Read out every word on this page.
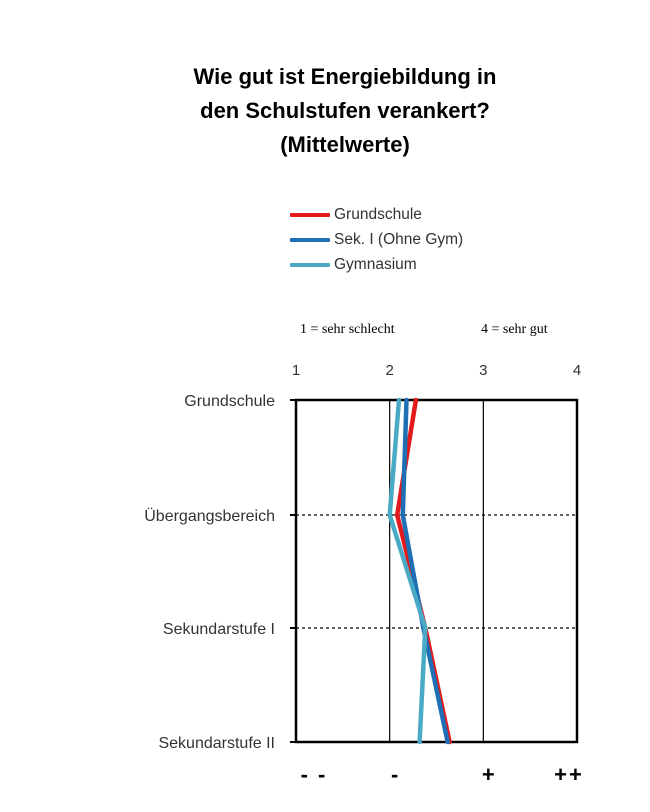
Wie gut ist Energiebildung in
den Schulstufen verankert?
(Mittelwerte)
Grundschule
Sek. I (Ohne Gym)
Gymnasium
1 = sehr schlecht	4 = sehr gut
1	2	3	4
Grundschule
Übergangsbereich
Sekundarstufe I
Sekundarstufe II
- -	-	+	++
